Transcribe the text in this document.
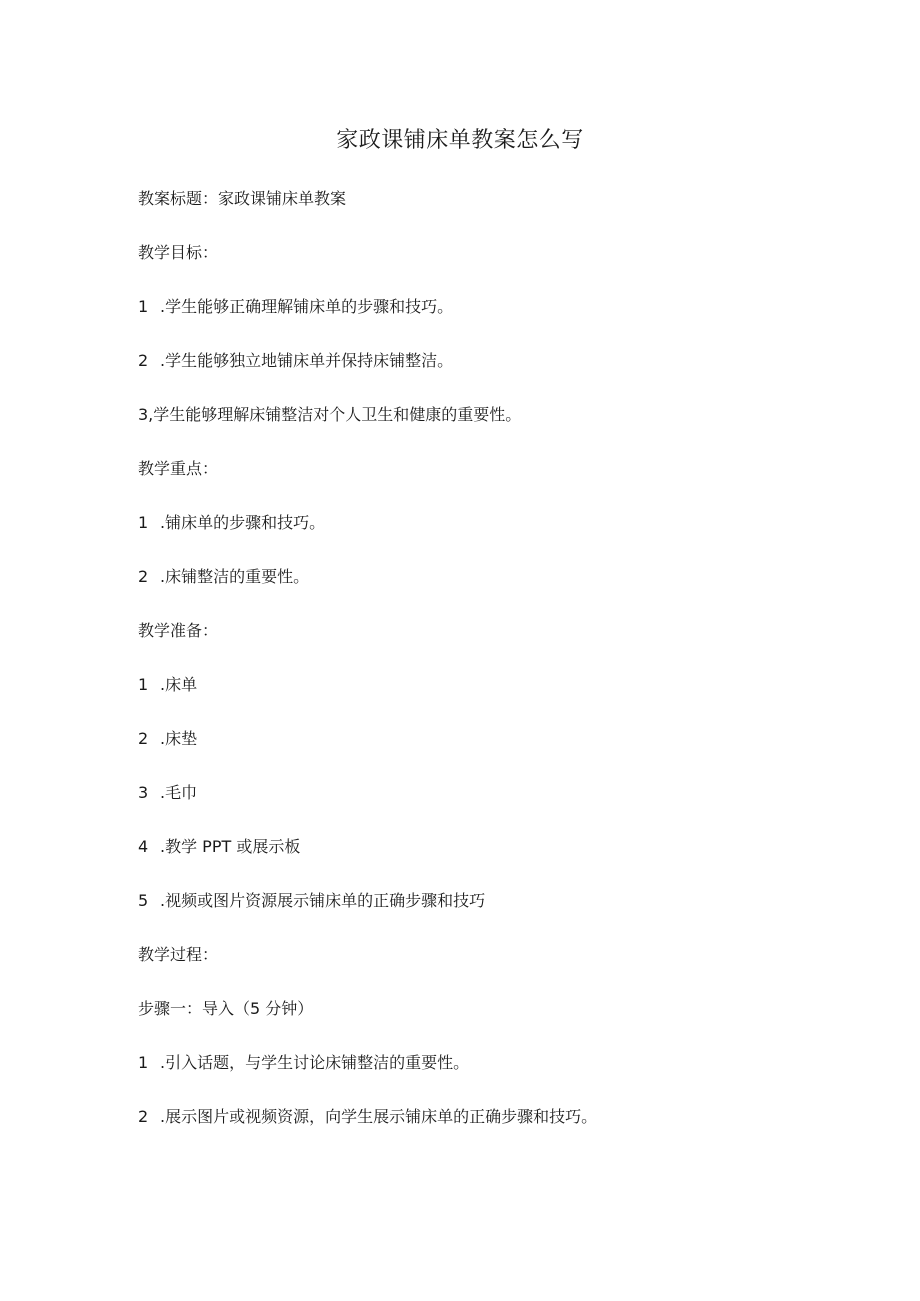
家政课铺床单教案怎么写
教案标题：家政课铺床单教案
教学目标：
1 .学生能够正确理解铺床单的步骤和技巧。
2 .学生能够独立地铺床单并保持床铺整洁。
3,学生能够理解床铺整洁对个人卫生和健康的重要性。
教学重点：
1 .铺床单的步骤和技巧。
2 .床铺整洁的重要性。
教学准备：
1 .床单
2 .床垫
3 .毛巾
4 .教学 PPT 或展示板
5 .视频或图片资源展示铺床单的正确步骤和技巧
教学过程：
步骤一：导入（5 分钟）
1 .引入话题，与学生讨论床铺整洁的重要性。
2 .展示图片或视频资源，向学生展示铺床单的正确步骤和技巧。
